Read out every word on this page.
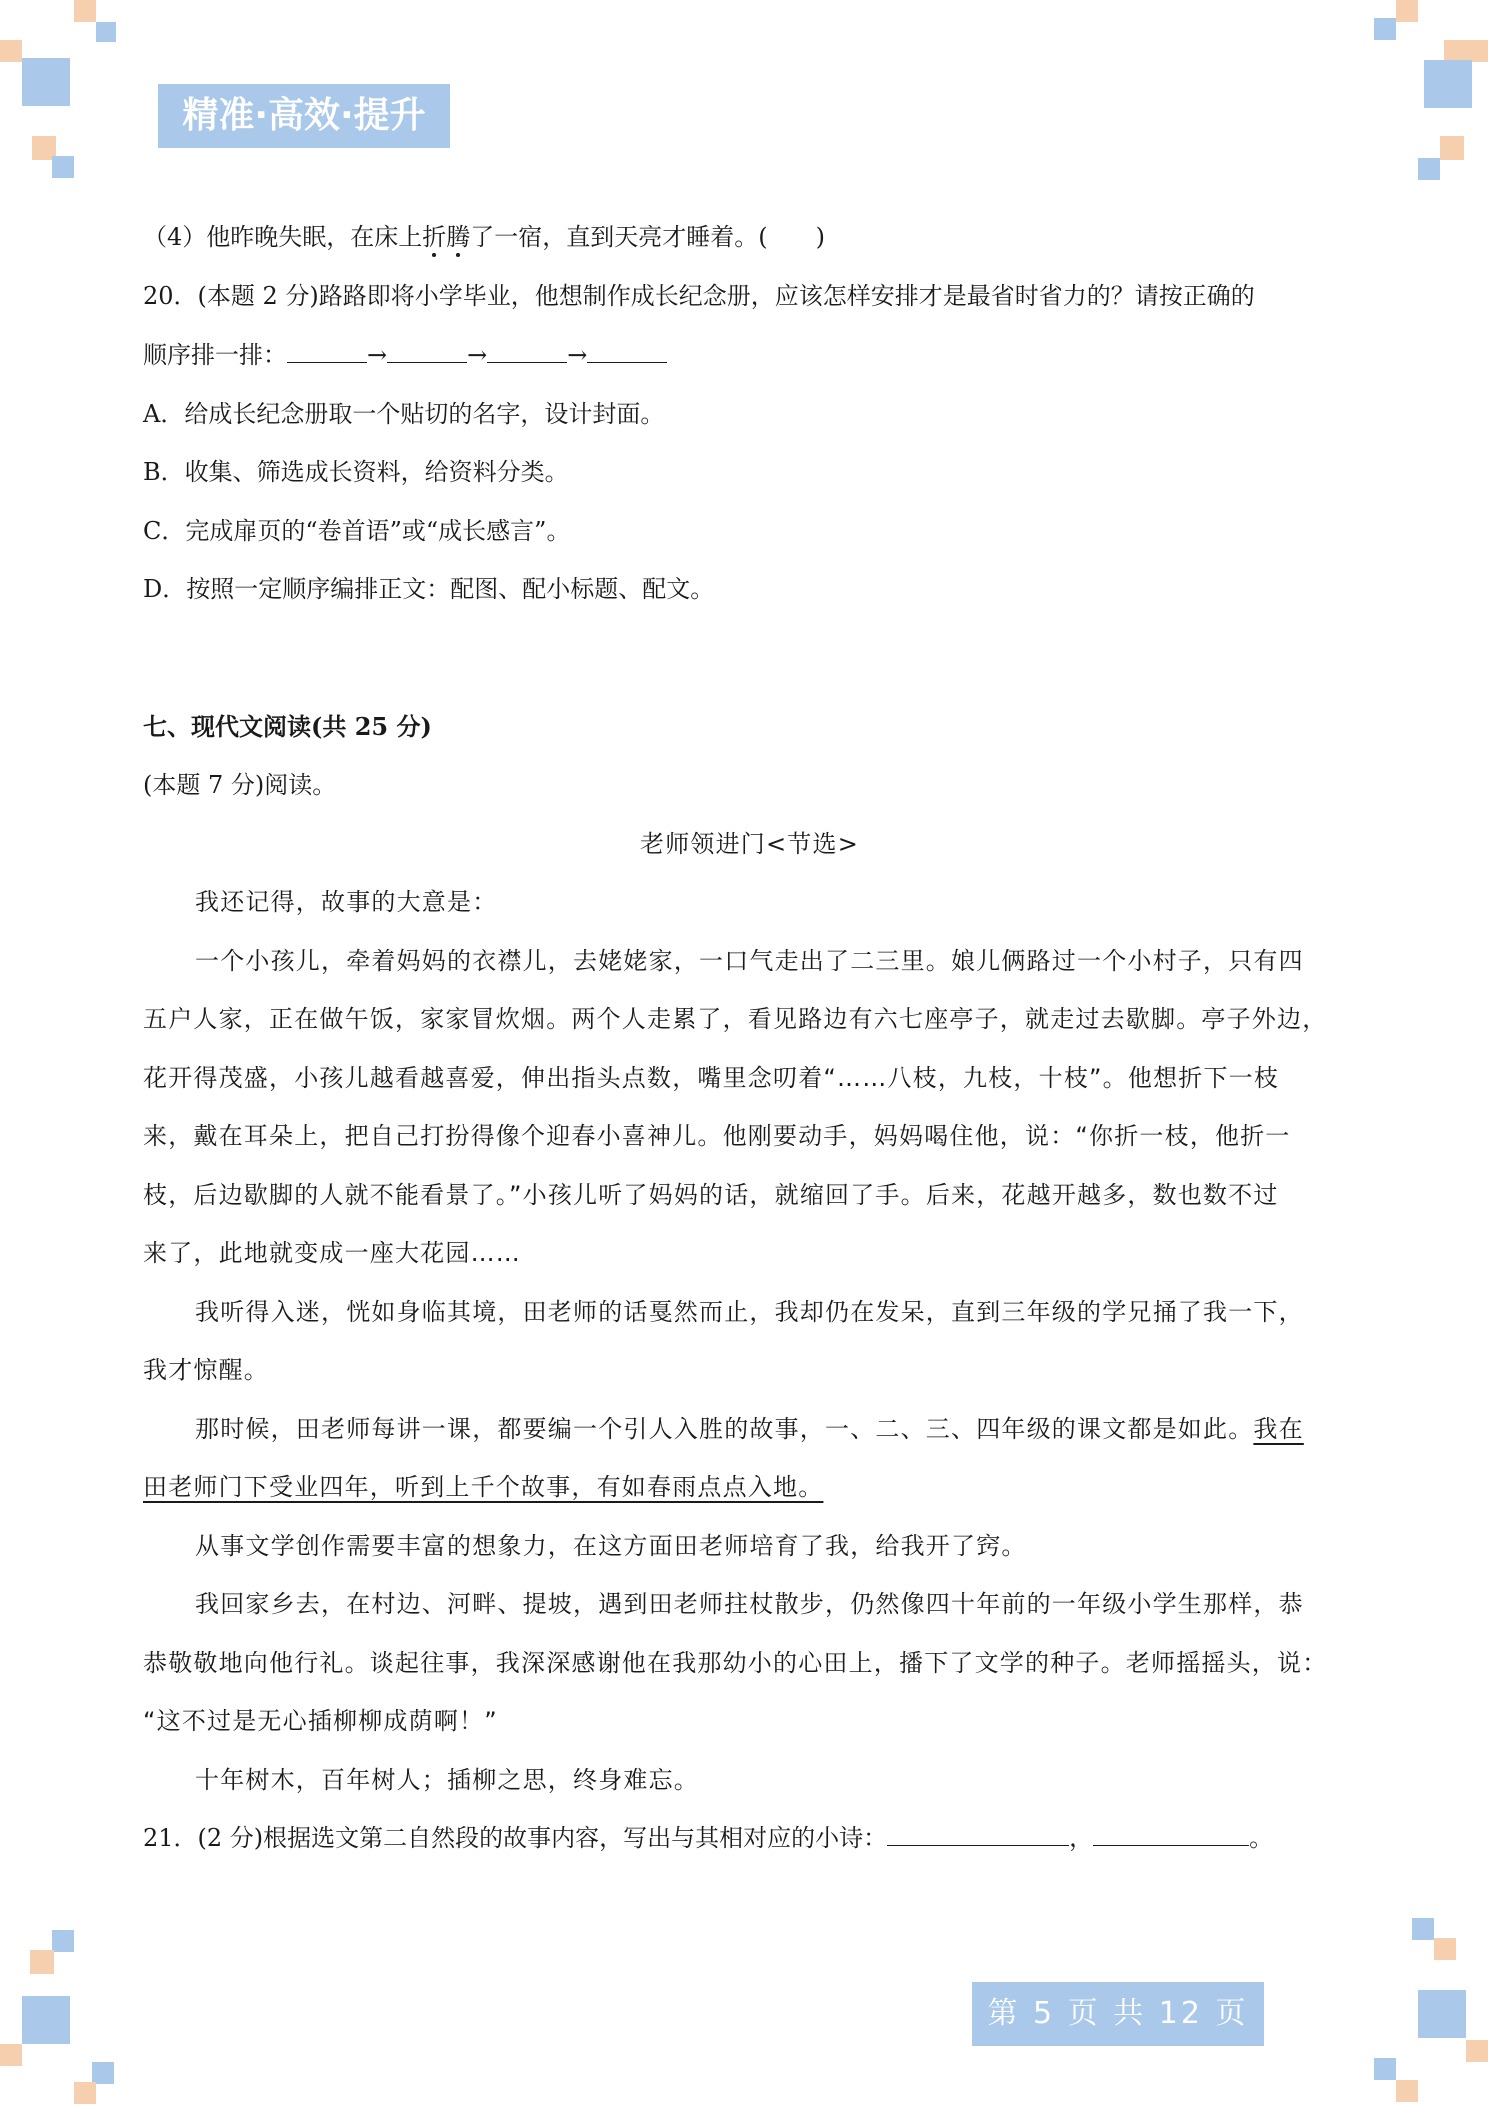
精准·高效·提升
（4）他昨晚失眠，在床上折腾了一宿，直到天亮才睡着。(　　)
20．(本题 2 分)路路即将小学毕业，他想制作成长纪念册，应该怎样安排才是最省时省力的？请按正确的
顺序排一排：	→	→	→
A．给成长纪念册取一个贴切的名字，设计封面。
B．收集、筛选成长资料，给资料分类。
C．完成扉页的“卷首语”或“成长感言”。
D．按照一定顺序编排正文：配图、配小标题、配文。
七、现代文阅读(共 25 分)
(本题 7 分)阅读。
老师领进门<节选>
我还记得，故事的大意是：
一个小孩儿，牵着妈妈的衣襟儿，去姥姥家，一口气走出了二三里。娘儿俩路过一个小村子，只有四
五户人家，正在做午饭，家家冒炊烟。两个人走累了，看见路边有六七座亭子，就走过去歇脚。亭子外边，
花开得茂盛，小孩儿越看越喜爱，伸出指头点数，嘴里念叨着“……八枝，九枝，十枝”。他想折下一枝
来，戴在耳朵上，把自己打扮得像个迎春小喜神儿。他刚要动手，妈妈喝住他，说：“你折一枝，他折一
枝，后边歇脚的人就不能看景了。”小孩儿听了妈妈的话，就缩回了手。后来，花越开越多，数也数不过
来了，此地就变成一座大花园……
我听得入迷，恍如身临其境，田老师的话戛然而止，我却仍在发呆，直到三年级的学兄捅了我一下，
我才惊醒。
那时候，田老师每讲一课，都要编一个引人入胜的故事，一、二、三、四年级的课文都是如此。我在
田老师门下受业四年，听到上千个故事，有如春雨点点入地。
从事文学创作需要丰富的想象力，在这方面田老师培育了我，给我开了窍。
我回家乡去，在村边、河畔、提坡，遇到田老师拄杖散步，仍然像四十年前的一年级小学生那样，恭
恭敬敬地向他行礼。谈起往事，我深深感谢他在我那幼小的心田上，播下了文学的种子。老师摇摇头，说：
“这不过是无心插柳柳成荫啊！”
十年树木，百年树人；插柳之思，终身难忘。
21．(2 分)根据选文第二自然段的故事内容，写出与其相对应的小诗：	，	。
第 5 页 共 12 页
